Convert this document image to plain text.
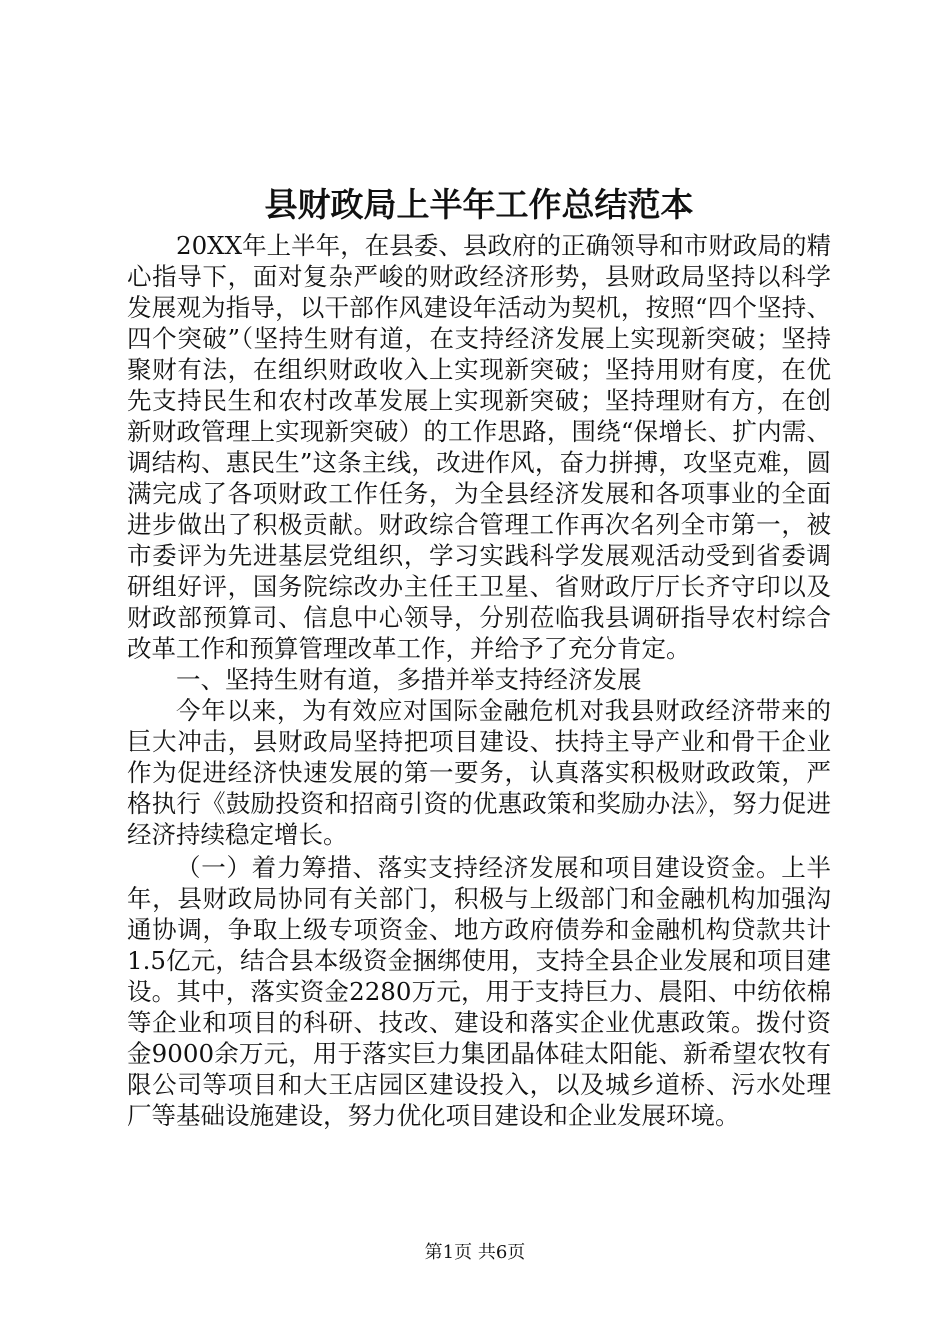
县财政局上半年工作总结范本

20XX年上半年，在县委、县政府的正确领导和市财政局的精心指导下，面对复杂严峻的财政经济形势，县财政局坚持以科学发展观为指导，以干部作风建设年活动为契机，按照“四个坚持、四个突破”（坚持生财有道，在支持经济发展上实现新突破；坚持聚财有法，在组织财政收入上实现新突破；坚持用财有度，在优先支持民生和农村改革发展上实现新突破；坚持理财有方，在创新财政管理上实现新突破）的工作思路，围绕“保增长、扩内需、调结构、惠民生”这条主线，改进作风，奋力拼搏，攻坚克难，圆满完成了各项财政工作任务，为全县经济发展和各项事业的全面进步做出了积极贡献。财政综合管理工作再次名列全市第一，被市委评为先进基层党组织，学习实践科学发展观活动受到省委调研组好评，国务院综改办主任王卫星、省财政厅厅长齐守印以及财政部预算司、信息中心领导，分别莅临我县调研指导农村综合改革工作和预算管理改革工作，并给予了充分肯定。

一、坚持生财有道，多措并举支持经济发展

今年以来，为有效应对国际金融危机对我县财政经济带来的巨大冲击，县财政局坚持把项目建设、扶持主导产业和骨干企业作为促进经济快速发展的第一要务，认真落实积极财政政策，严格执行《鼓励投资和招商引资的优惠政策和奖励办法》，努力促进经济持续稳定增长。

（一）着力筹措、落实支持经济发展和项目建设资金。上半年，县财政局协同有关部门，积极与上级部门和金融机构加强沟通协调，争取上级专项资金、地方政府债券和金融机构贷款共计1.5亿元，结合县本级资金捆绑使用，支持全县企业发展和项目建设。其中，落实资金2280万元，用于支持巨力、晨阳、中纺依棉等企业和项目的科研、技改、建设和落实企业优惠政策。拨付资金9000余万元，用于落实巨力集团晶体硅太阳能、新希望农牧有限公司等项目和大王店园区建设投入，以及城乡道桥、污水处理厂等基础设施建设，努力优化项目建设和企业发展环境。

第1页 共6页
